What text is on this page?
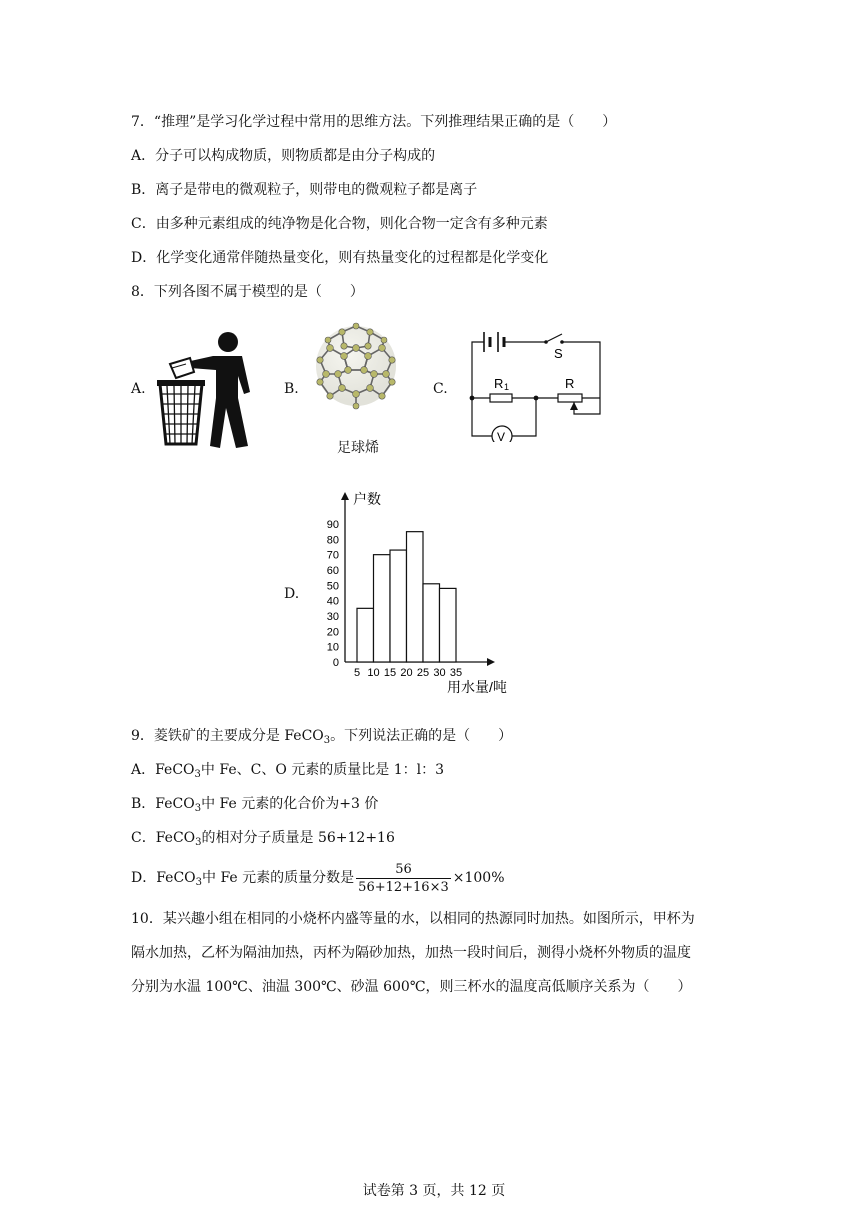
7．“推理”是学习化学过程中常用的思维方法。下列推理结果正确的是（　　）
A．分子可以构成物质，则物质都是由分子构成的
B．离子是带电的微观粒子，则带电的微观粒子都是离子
C．由多种元素组成的纯净物是化合物，则化合物一定含有多种元素
D．化学变化通常伴随热量变化，则有热量变化的过程都是化学变化
8．下列各图不属于模型的是（　　）
A.	B.
足球烯
C.
S
R 1	R
V
D.
0
10
20
30
40
50
60
70
80
90
5 10 15 20 25 30 35
户数
用水量/吨
9．菱铁矿的主要成分是 FeCO$_3$。下列说法正确的是（　　）
A．FeCO$_3$中 Fe、C、O 元素的质量比是 1：l：3
B．FeCO$_3$中 Fe 元素的化合价为+3 价
C．FeCO$_3$的相对分子质量是 56+12+16
D．FeCO$_3$中 Fe 元素的质量分数是 $\frac{56}{56+12+16\times 3} \times 100\%$
10．某兴趣小组在相同的小烧杯内盛等量的水，以相同的热源同时加热。如图所示，甲杯为
隔水加热，乙杯为隔油加热，丙杯为隔砂加热，加热一段时间后，测得小烧杯外物质的温度
分别为水温 100℃、油温 300℃、砂温 600℃，则三杯水的温度高低顺序关系为（　　）
试卷第 3 页，共 12 页
